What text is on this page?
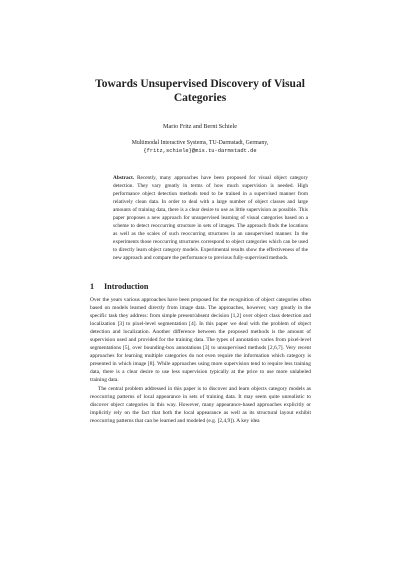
Towards Unsupervised Discovery of Visual
Categories
Mario Fritz and Bernt Schiele
Multimodal Interactive Systems, TU-Darmstadt, Germany,
{fritz,schiele}@mis.tu-darmstadt.de
Abstract. Recently, many approaches have been proposed for visual object category detection. They vary greatly in terms of how much supervision is needed. High performance object detection methods tend to be trained in a supervised manner from relatively clean data. In order to deal with a large number of object classes and large amounts of training data, there is a clear desire to use as little supervision as possible. This paper proposes a new approach for unsupervised learning of visual categories based on a scheme to detect reoccurring structure in sets of images. The approach finds the locations as well as the scales of such reoccurring structures in an unsupervised manner. In the experiments those reoccurring structures correspond to object categories which can be used to directly learn object category models. Experimental results show the effectiveness of the new approach and compare the performance to previous fully-supervised methods.
1 Introduction

Over the years various approaches have been proposed for the recognition of object categories often based on models learned directly from image data. The approaches, however, vary greatly in the specific task they address: from simple present/absent decision [1,2] over object class detection and localization [3] to pixel-level segmentation [4]. In this paper we deal with the problem of object detection and localization. Another difference between the proposed methods is the amount of supervision used and provided for the training data. The types of annotation varies from pixel-level segmentations [5], over bounding-box annotations [3] to unsupervised methods [2,6,7]. Very recent approaches for learning multiple categories do not even require the information which category is presented in which image [8]. While approaches using more supervision tend to require less training data, there is a clear desire to use less supervision typically at the price to use more unlabeled training data.

The central problem addressed in this paper is to discover and learn objects category models as reoccurring patterns of local appearance in sets of training data. It may seem quite unrealistic to discover object categories in this way. However, many appearance-based approaches explicitly or implicitly rely on the fact that both the local appearance as well as its structural layout exhibit reoccurring patterns that can be learned and modeled (e.g. [2,4,9]). A key idea
